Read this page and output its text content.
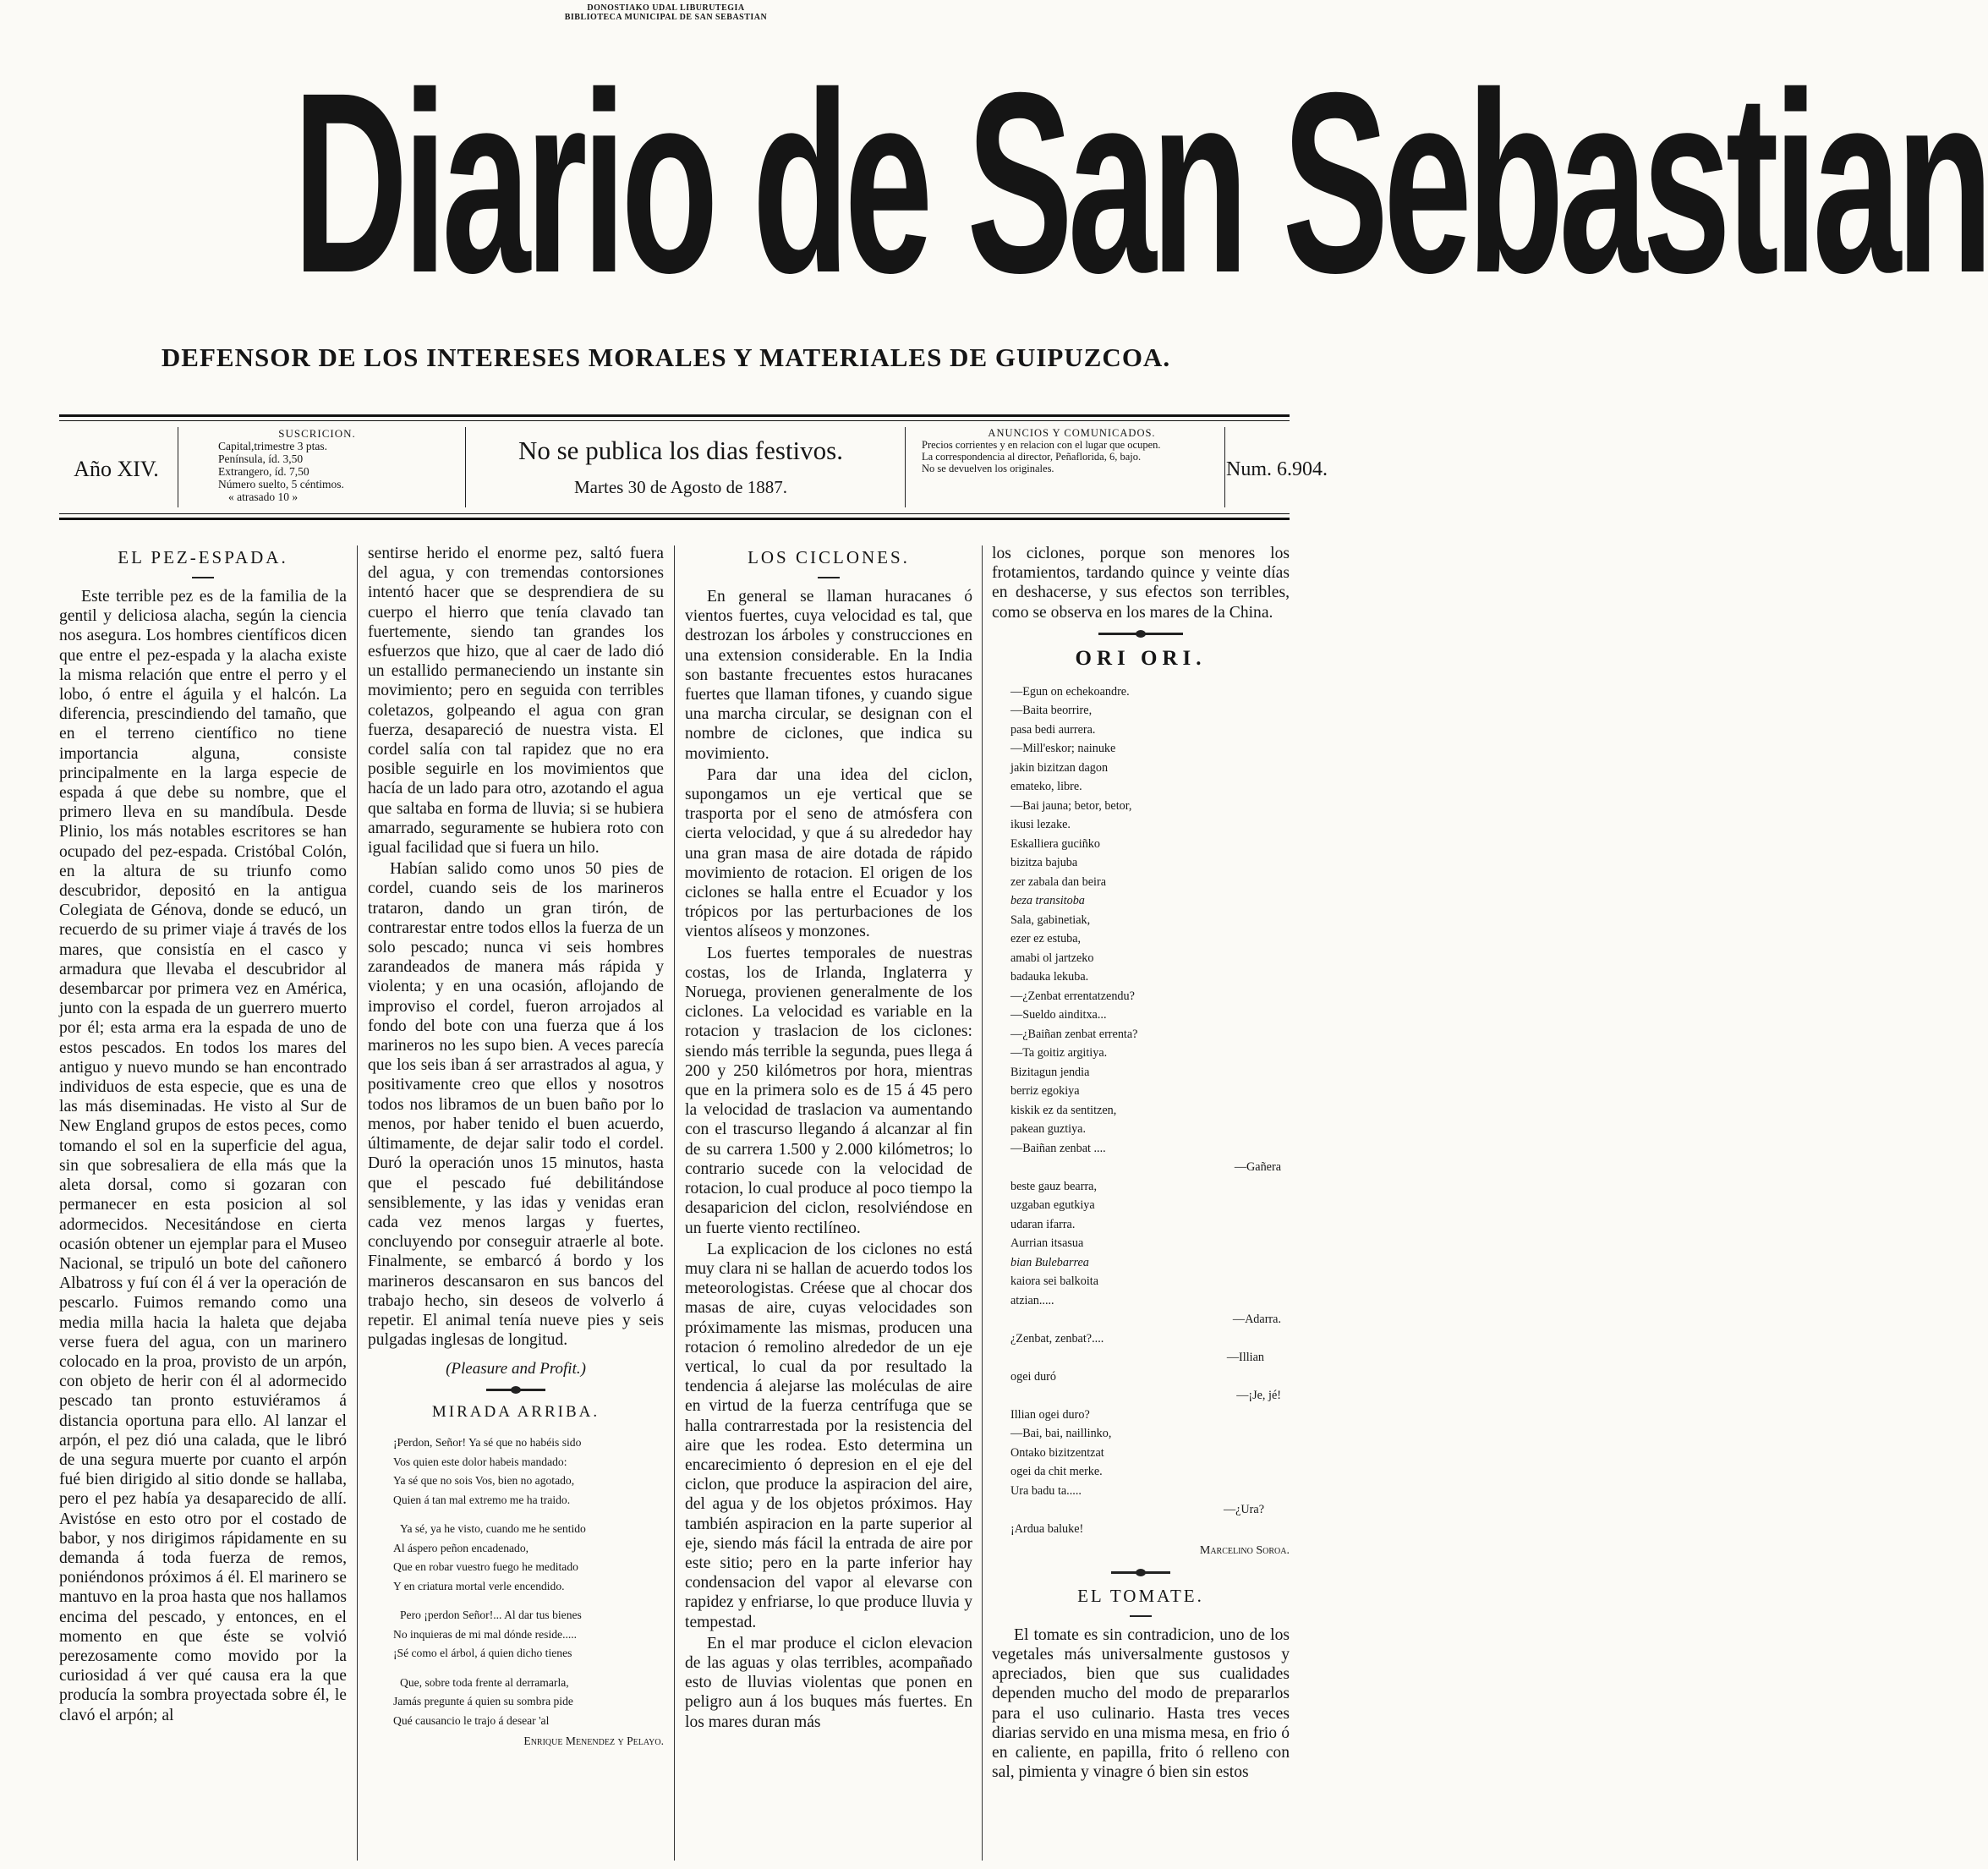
DONOSTIAKO UDAL LIBURUTEGIA
BIBLIOTECA MUNICIPAL DE SAN SEBASTIAN
Diario de San Sebastian
DEFENSOR DE LOS INTERESES MORALES Y MATERIALES DE GUIPUZCOA.
Año XIV.
SUSCRICION.
Capital,trimestre 3 ptas.
Península, íd. 3,50
Extrangero, íd. 7,50
Número suelto, 5 céntimos.
« atrasado 10 »
No se publica los dias festivos.
Martes 30 de Agosto de 1887.
ANUNCIOS Y COMUNICADOS.
Precios corrientes y en relacion con el lugar que ocupen.
La correspondencia al director, Peñaflorida, 6, bajo.
No se devuelven los originales.	Num. 6.904.
EL PEZ-ESPADA.

Este terrible pez es de la familia de la gentil y deliciosa alacha, según la ciencia nos asegura. Los hombres científicos dicen que entre el pez-espada y la alacha existe la misma relación que entre el perro y el lobo, ó entre el águila y el halcón. La diferencia, prescindiendo del tamaño, que en el terreno científico no tiene importancia alguna, consiste principalmente en la larga especie de espada á que debe su nombre, que el primero lleva en su mandíbula. Desde Plinio, los más notables escritores se han ocupado del pez-espada. Cristóbal Colón, en la altura de su triunfo como descubridor, depositó en la antigua Colegiata de Génova, donde se educó, un recuerdo de su primer viaje á través de los mares, que consistía en el casco y armadura que llevaba el descubridor al desembarcar por primera vez en América, junto con la espada de un guerrero muerto por él; esta arma era la espada de uno de estos pescados. En todos los mares del antiguo y nuevo mundo se han encontrado individuos de esta especie, que es una de las más diseminadas. He visto al Sur de New England grupos de estos peces, como tomando el sol en la superficie del agua, sin que sobresaliera de ella más que la aleta dorsal, como si gozaran con permanecer en esta posicion al sol adormecidos. Necesitándose en cierta ocasión obtener un ejemplar para el Museo Nacional, se tripuló un bote del cañonero Albatross y fuí con él á ver la operación de pescarlo. Fuimos remando como una media milla hacia la haleta que dejaba verse fuera del agua, con un marinero colocado en la proa, provisto de un arpón, con objeto de herir con él al adormecido pescado tan pronto estuviéramos á distancia oportuna para ello. Al lanzar el arpón, el pez dió una calada, que le libró de una segura muerte por cuanto el arpón fué bien dirigido al sitio donde se hallaba, pero el pez había ya desaparecido de allí. Avistóse en esto otro por el costado de babor, y nos dirigimos rápidamente en su demanda á toda fuerza de remos, poniéndonos próximos á él. El marinero se mantuvo en la proa hasta que nos hallamos encima del pescado, y entonces, en el momento en que éste se volvió perezosamente como movido por la curiosidad á ver qué causa era la que producía la sombra proyectada sobre él, le clavó el arpón; al

sentirse herido el enorme pez, saltó fuera del agua, y con tremendas contorsiones intentó hacer que se desprendiera de su cuerpo el hierro que tenía clavado tan fuertemente, siendo tan grandes los esfuerzos que hizo, que al caer de lado dió un estallido permaneciendo un instante sin movimiento; pero en seguida con terribles coletazos, golpeando el agua con gran fuerza, desapareció de nuestra vista. El cordel salía con tal rapidez que no era posible seguirle en los movimientos que hacía de un lado para otro, azotando el agua que saltaba en forma de lluvia; si se hubiera amarrado, seguramente se hubiera roto con igual facilidad que si fuera un hilo.

Habían salido como unos 50 pies de cordel, cuando seis de los marineros trataron, dando un gran tirón, de contrarestar entre todos ellos la fuerza de un solo pescado; nunca vi seis hombres zarandeados de manera más rápida y violenta; y en una ocasión, aflojando de improviso el cordel, fueron arrojados al fondo del bote con una fuerza que á los marineros no les supo bien. A veces parecía que los seis iban á ser arrastrados al agua, y positivamente creo que ellos y nosotros todos nos libramos de un buen baño por lo menos, por haber tenido el buen acuerdo, últimamente, de dejar salir todo el cordel. Duró la operación unos 15 minutos, hasta que el pescado fué debilitándose sensiblemente, y las idas y venidas eran cada vez menos largas y fuertes, concluyendo por conseguir atraerle al bote. Finalmente, se embarcó á bordo y los marineros descansaron en sus bancos del trabajo hecho, sin deseos de volverlo á repetir. El animal tenía nueve pies y seis pulgadas inglesas de longitud.

(Pleasure and Profit.)
MIRADA ARRIBA.
¡Perdon, Señor! Ya sé que no habéis sido
Vos quien este dolor habeis mandado:
Ya sé que no sois Vos, bien no agotado,
Quien á tan mal extremo me ha traido.
Ya sé, ya he visto, cuando me he sentido
Al áspero peñon encadenado,
Que en robar vuestro fuego he meditado
Y en criatura mortal verle encendido.
Pero ¡perdon Señor!... Al dar tus bienes
No inquieras de mi mal dónde reside.....
¡Sé como el árbol, á quien dicho tienes
Que, sobre toda frente al derramarla,
Jamás pregunte á quien su sombra pide
Qué causancio le trajo á desear 'al
Enrique Menendez y Pelayo.
LOS CICLONES.

En general se llaman huracanes ó vientos fuertes, cuya velocidad es tal, que destrozan los árboles y construcciones en una extension considerable. En la India son bastante frecuentes estos huracanes fuertes que llaman tifones, y cuando sigue una marcha circular, se designan con el nombre de ciclones, que indica su movimiento.

Para dar una idea del ciclon, supongamos un eje vertical que se trasporta por el seno de atmósfera con cierta velocidad, y que á su alrededor hay una gran masa de aire dotada de rápido movimiento de rotacion. El origen de los ciclones se halla entre el Ecuador y los trópicos por las perturbaciones de los vientos alíseos y monzones.

Los fuertes temporales de nuestras costas, los de Irlanda, Inglaterra y Noruega, provienen generalmente de los ciclones. La velocidad es variable en la rotacion y traslacion de los ciclones: siendo más terrible la segunda, pues llega á 200 y 250 kilómetros por hora, mientras que en la primera solo es de 15 á 45 pero la velocidad de traslacion va aumentando con el trascurso llegando á alcanzar al fin de su carrera 1.500 y 2.000 kilómetros; lo contrario sucede con la velocidad de rotacion, lo cual produce al poco tiempo la desaparicion del ciclon, resolviéndose en un fuerte viento rectilíneo.

La explicacion de los ciclones no está muy clara ni se hallan de acuerdo todos los meteorologistas. Créese que al chocar dos masas de aire, cuyas velocidades son próximamente las mismas, producen una rotacion ó remolino alrededor de un eje vertical, lo cual da por resultado la tendencia á alejarse las moléculas de aire en virtud de la fuerza centrífuga que se halla contrarrestada por la resistencia del aire que les rodea. Esto determina un encarecimiento ó depresion en el eje del ciclon, que produce la aspiracion del aire, del agua y de los objetos próximos. Hay también aspiracion en la parte superior al eje, siendo más fácil la entrada de aire por este sitio; pero en la parte inferior hay condensacion del vapor al elevarse con rapidez y enfriarse, lo que produce lluvia y tempestad.

En el mar produce el ciclon elevacion de las aguas y olas terribles, acompañado esto de lluvias violentas que ponen en peligro aun á los buques más fuertes. En los mares duran más

los ciclones, porque son menores los frotamientos, tardando quince y veinte días en deshacerse, y sus efectos son terribles, como se observa en los mares de la China.

ORI ORI.
—Egun on echekoandre.
—Baita beorrire,
pasa bedi aurrera.
—Mill'eskor; nainuke
jakin bizitzan dagon
emateko, libre.
—Bai jauna; betor, betor,
ikusi lezake.
Eskalliera guciñko
bizitza bajuba
zer zabala dan beira
beza transitoba
Sala, gabinetiak,
ezer ez estuba,
amabi ol jartzeko
badauka lekuba.
—¿Zenbat errentatzendu?
—Sueldo ainditxa...
—¿Baiñan zenbat errenta?
—Ta goitiz argitiya.
Bizitagun jendia
berriz egokiya
kiskik ez da sentitzen,
pakean guztiya.
—Baiñan zenbat ....
—Gañera
beste gauz bearra,
uzgaban egutkiya
udaran ifarra.
Aurrian itsasua
bian Bulebarrea
kaiora sei balkoita
atzian.....
—Adarra.
¿Zenbat, zenbat?....
—Illian
ogei duró
—¡Je, jé!
Illian ogei duro?
—Bai, bai, naillinko,
Ontako bizitzentzat
ogei da chit merke.
Ura badu ta.....
—¿Ura?
¡Ardua baluke!
Marcelino Soroa.
EL TOMATE.

El tomate es sin contradicion, uno de los vegetales más universalmente gustosos y apreciados, bien que sus cualidades dependen mucho del modo de prepararlos para el uso culinario. Hasta tres veces diarias servido en una misma mesa, en frio ó en caliente, en papilla, frito ó relleno con sal, pimienta y vinagre ó bien sin estos
